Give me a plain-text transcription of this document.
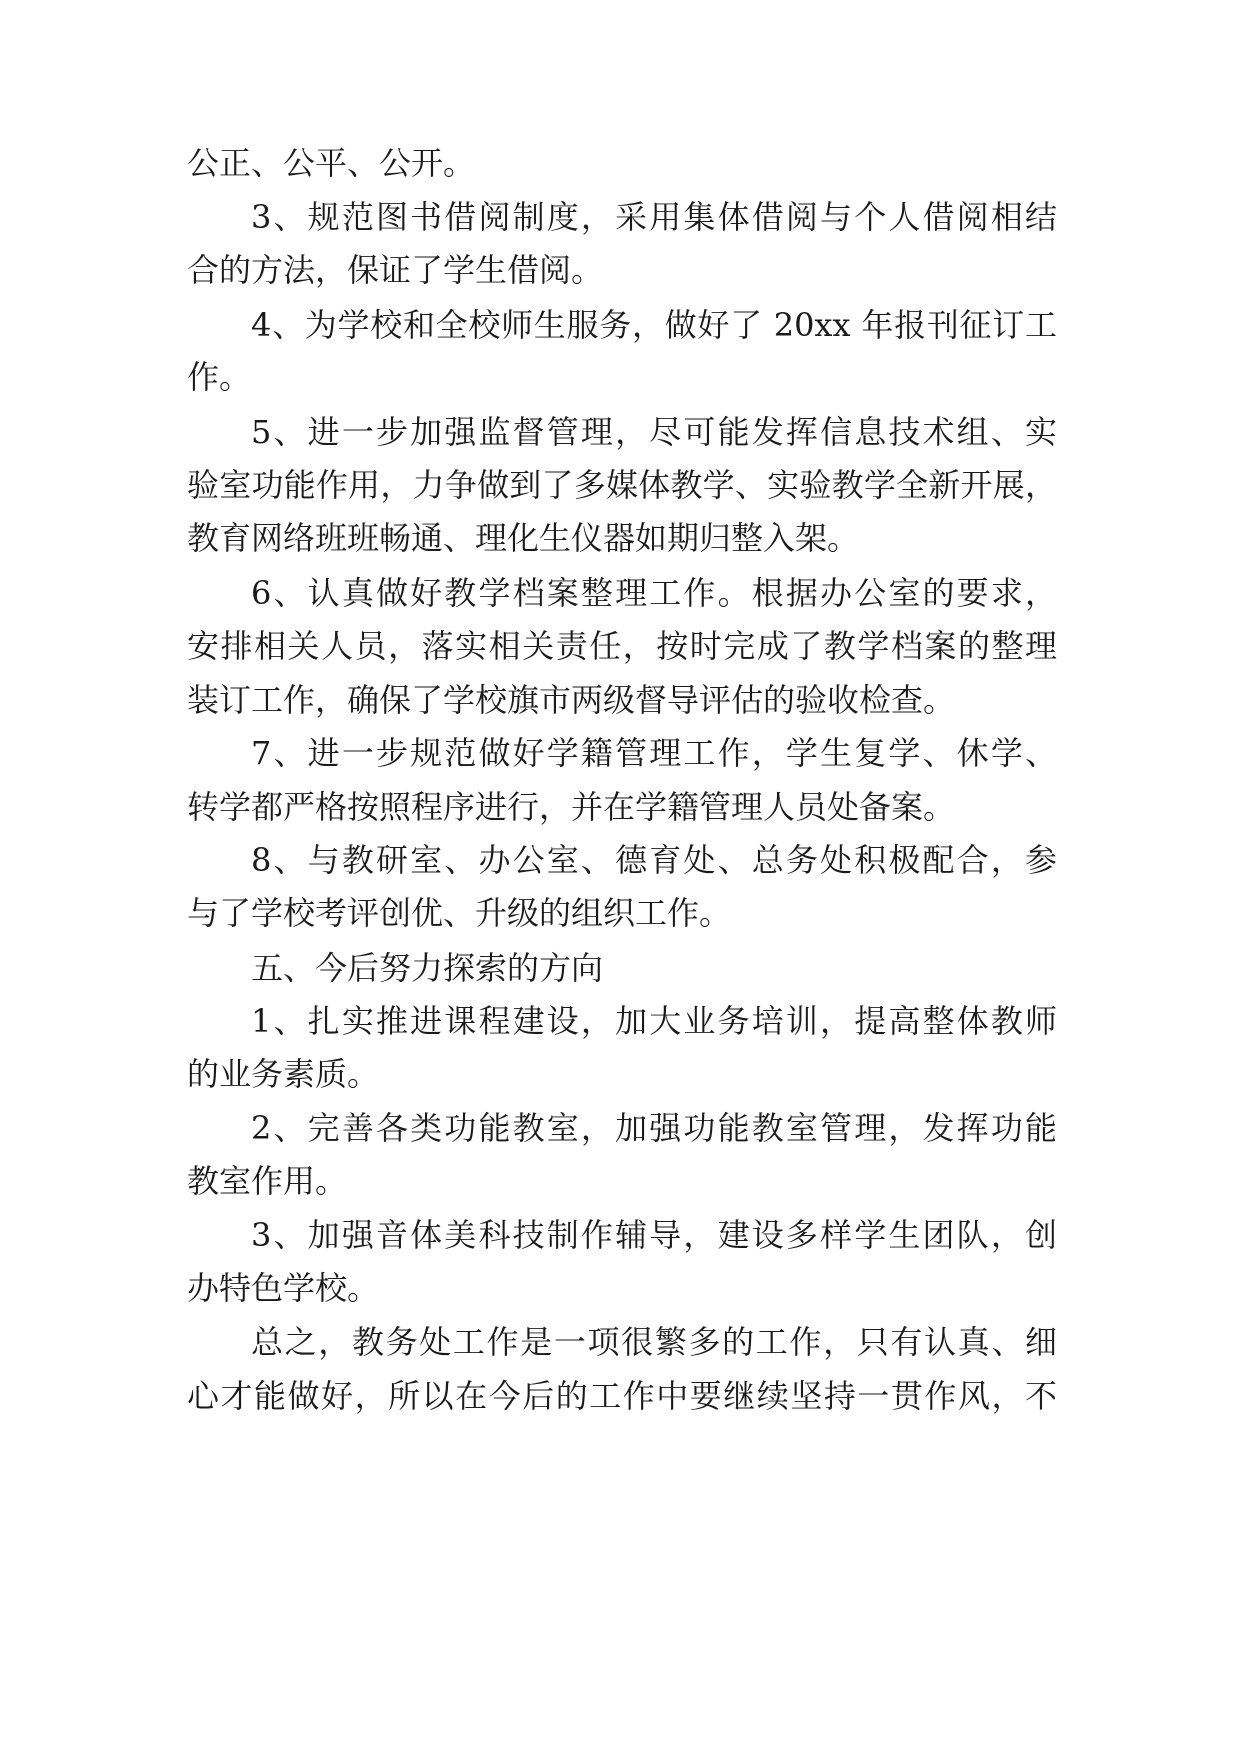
公正、公平、公开。
3、规范图书借阅制度，采用集体借阅与个人借阅相结
合的方法，保证了学生借阅。
4、为学校和全校师生服务，做好了 20xx 年报刊征订工
作。
5、进一步加强监督管理，尽可能发挥信息技术组、实
验室功能作用，力争做到了多媒体教学、实验教学全新开展，
教育网络班班畅通、理化生仪器如期归整入架。
6、认真做好教学档案整理工作。根据办公室的要求，
安排相关人员，落实相关责任，按时完成了教学档案的整理
装订工作，确保了学校旗市两级督导评估的验收检查。
7、进一步规范做好学籍管理工作，学生复学、休学、
转学都严格按照程序进行，并在学籍管理人员处备案。
8、与教研室、办公室、德育处、总务处积极配合，参
与了学校考评创优、升级的组织工作。
五、今后努力探索的方向
1、扎实推进课程建设，加大业务培训，提高整体教师
的业务素质。
2、完善各类功能教室，加强功能教室管理，发挥功能
教室作用。
3、加强音体美科技制作辅导，建设多样学生团队，创
办特色学校。
总之，教务处工作是一项很繁多的工作，只有认真、细
心才能做好，所以在今后的工作中要继续坚持一贯作风，不
